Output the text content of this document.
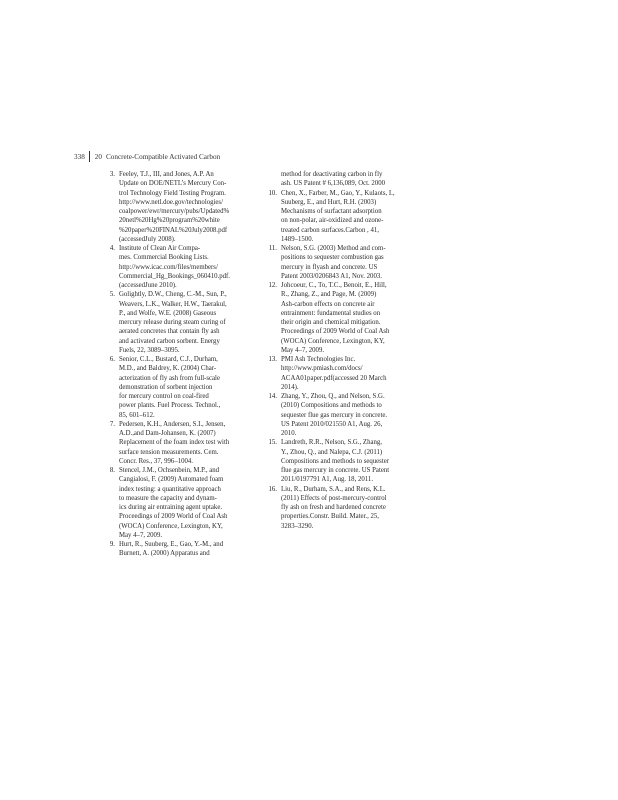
338	20 Concrete-Compatible Activated Carbon
3. Feeley, T.J., III, and Jones, A.P. An
Update on DOE/NETL’s Mercury Con-
trol Technology Field Testing Program.
http://www.netl.doe.gov/technologies/
coalpower/ewr/mercury/pubs/Updated%
20netl%20Hg%20program%20white
%20paper%20FINAL%20July2008.pdf
(accessedJuly 2008).
4. Institute of Clean Air Compa-
mes. Commercial Booking Lists.
http://www.icac.com/files/members/
Commercial_Hg_Bookings_060410.pdf.
(accessedJune 2010).
5. Golightly, D.W., Cheng, C.-M., Sun, P.,
Weavers, L.K., Walker, H.W., Taerakul,
P., and Wolfe, W.E. (2008) Gaseous
mercury release during steam curing of
aerated concretes that contain fly ash
and activated carbon sorbent. Energy
Fuels, 22, 3089–3095.
6. Senior, C.L., Bustard, C.J., Durham,
M.D., and Baldrey, K. (2004) Char-
acterization of fly ash from full-scale
demonstration of sorbent injection
for mercury control on coal-fired
power plants. Fuel Process. Technol.,
85, 601–612.
7. Pedersen, K.H., Andersen, S.I., Jensen,
A.D.,and Dam-Johansen, K. (2007)
Replacement of the foam index test with
surface tension measurements. Cem.
Concr. Res., 37, 996–1004.
8. Stencel, J.M., Ochsenbein, M.P., and
Cangialosi, F. (2009) Automated foam
index testing: a quantitative approach
to measure the capacity and dynam-
ics during air entraining agent uptake.
Proceedings of 2009 World of Coal Ash
(WOCA) Conference, Lexington, KY,
May 4–7, 2009.
9. Hurt, R., Suuberg, E., Gao, Y.-M., and
Burnett, A. (2000) Apparatus and
method for deactivating carbon in fly
ash. US Patent # 6,136,089, Oct. 2000
10. Chen, X., Farber, M., Gao, Y., Kulaots, I.,
Suuberg, E., and Hurt, R.H. (2003)
Mechanisms of surfactant adsorption
on non-polar, air-oxidized and ozone-
treated carbon surfaces.Carbon , 41,
1489–1500.
11. Nelson, S.G. (2003) Method and com-
positions to sequester combustion gas
mercury in flyash and concrete. US
Patent 2003/0206843 A1, Nov. 2003.
12. Johcoeur, C., To, T.C., Benoit, E., Hill,
R., Zhang, Z., and Page, M. (2009)
Ash-carbon effects on concrete air
entrainment: fundamental studies on
their origin and chemical mitigation.
Proceedings of 2009 World of Coal Ash
(WOCA) Conference, Lexington, KY,
May 4–7, 2009.
13. PMI Ash Technologies Inc.
http://www.pmiash.com/docs/
ACAA01paper.pdf(accessed 20 March
2014).
14. Zhang, Y., Zhou, Q., and Nelson, S.G.
(2010) Compositions and methods to
sequester flue gas mercury in concrete.
US Patent 2010/021550 A1, Aug. 26,
2010.
15. Landreth, R.R., Nelson, S.G., Zhang,
Y., Zhou, Q., and Nalepa, C.J. (2011)
Compositions and methods to sequester
flue gas mercury in concrete. US Patent
2011/0197791 A1, Aug. 18, 2011.
16. Liu, R., Durham, S.A., and Rens, K.L.
(2011) Effects of post-mercury-control
fly ash on fresh and hardened concrete
properties.Constr. Build. Mater., 25,
3283–3290.
